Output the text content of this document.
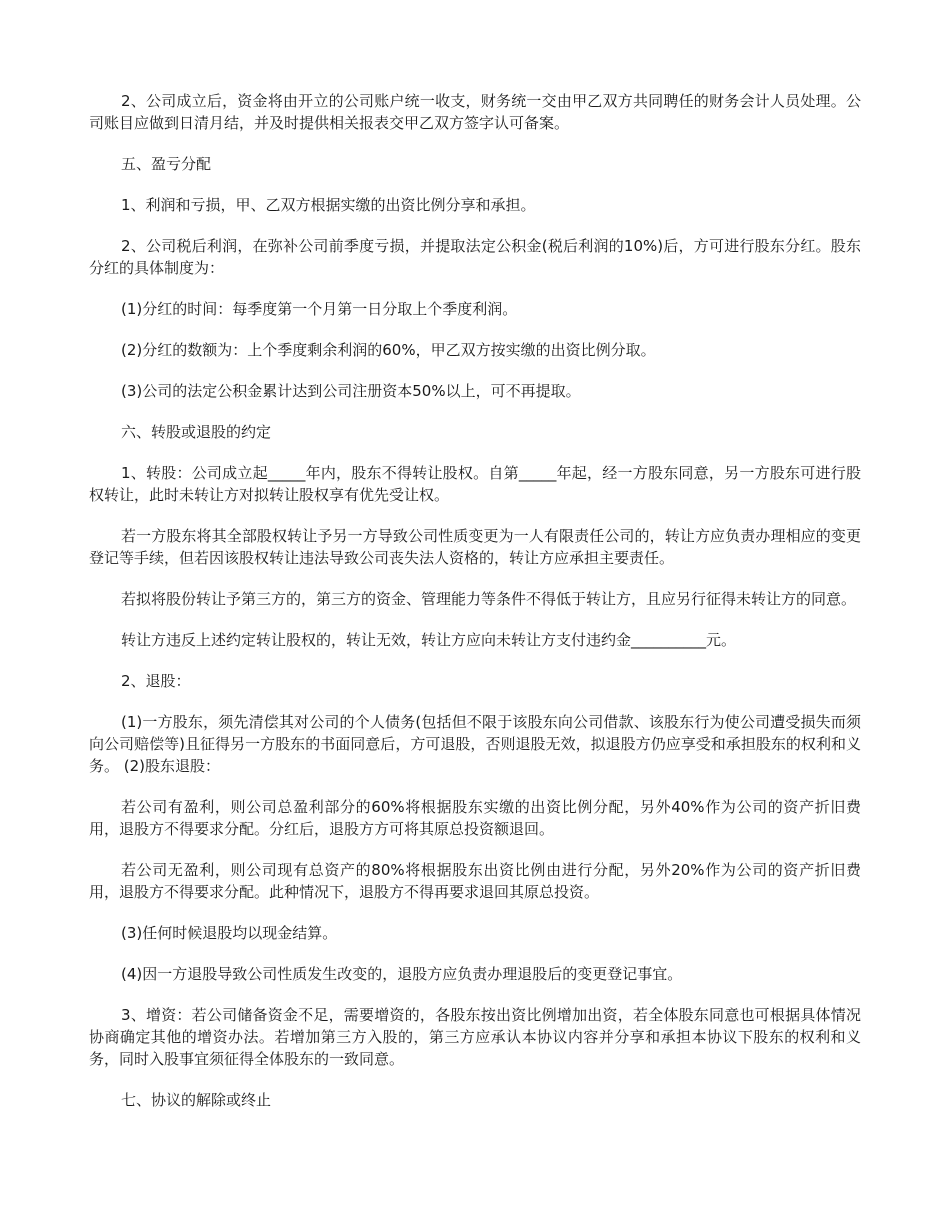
2、公司成立后，资金将由开立的公司账户统一收支，财务统一交由甲乙双方共同聘任的财务会计人员处理。公司账目应做到日清月结，并及时提供相关报表交甲乙双方签字认可备案。

五、盈亏分配

1、利润和亏损，甲、乙双方根据实缴的出资比例分享和承担。

2、公司税后利润，在弥补公司前季度亏损，并提取法定公积金(税后利润的10%)后，方可进行股东分红。股东分红的具体制度为：

(1)分红的时间：每季度第一个月第一日分取上个季度利润。

(2)分红的数额为：上个季度剩余利润的60%，甲乙双方按实缴的出资比例分取。

(3)公司的法定公积金累计达到公司注册资本50%以上，可不再提取。

六、转股或退股的约定

1、转股：公司成立起_____年内，股东不得转让股权。自第_____年起，经一方股东同意，另一方股东可进行股权转让，此时未转让方对拟转让股权享有优先受让权。

若一方股东将其全部股权转让予另一方导致公司性质变更为一人有限责任公司的，转让方应负责办理相应的变更登记等手续，但若因该股权转让违法导致公司丧失法人资格的，转让方应承担主要责任。

若拟将股份转让予第三方的，第三方的资金、管理能力等条件不得低于转让方，且应另行征得未转让方的同意。

转让方违反上述约定转让股权的，转让无效，转让方应向未转让方支付违约金__________元。

2、退股：

(1)一方股东，须先清偿其对公司的个人债务(包括但不限于该股东向公司借款、该股东行为使公司遭受损失而须向公司赔偿等)且征得另一方股东的书面同意后，方可退股，否则退股无效，拟退股方仍应享受和承担股东的权利和义务。 (2)股东退股：

若公司有盈利，则公司总盈利部分的60%将根据股东实缴的出资比例分配，另外40%作为公司的资产折旧费用，退股方不得要求分配。分红后，退股方方可将其原总投资额退回。

若公司无盈利，则公司现有总资产的80%将根据股东出资比例由进行分配，另外20%作为公司的资产折旧费用，退股方不得要求分配。此种情况下，退股方不得再要求退回其原总投资。

(3)任何时候退股均以现金结算。

(4)因一方退股导致公司性质发生改变的，退股方应负责办理退股后的变更登记事宜。

3、增资：若公司储备资金不足，需要增资的，各股东按出资比例增加出资，若全体股东同意也可根据具体情况协商确定其他的增资办法。若增加第三方入股的，第三方应承认本协议内容并分享和承担本协议下股东的权利和义务，同时入股事宜须征得全体股东的一致同意。

七、协议的解除或终止
